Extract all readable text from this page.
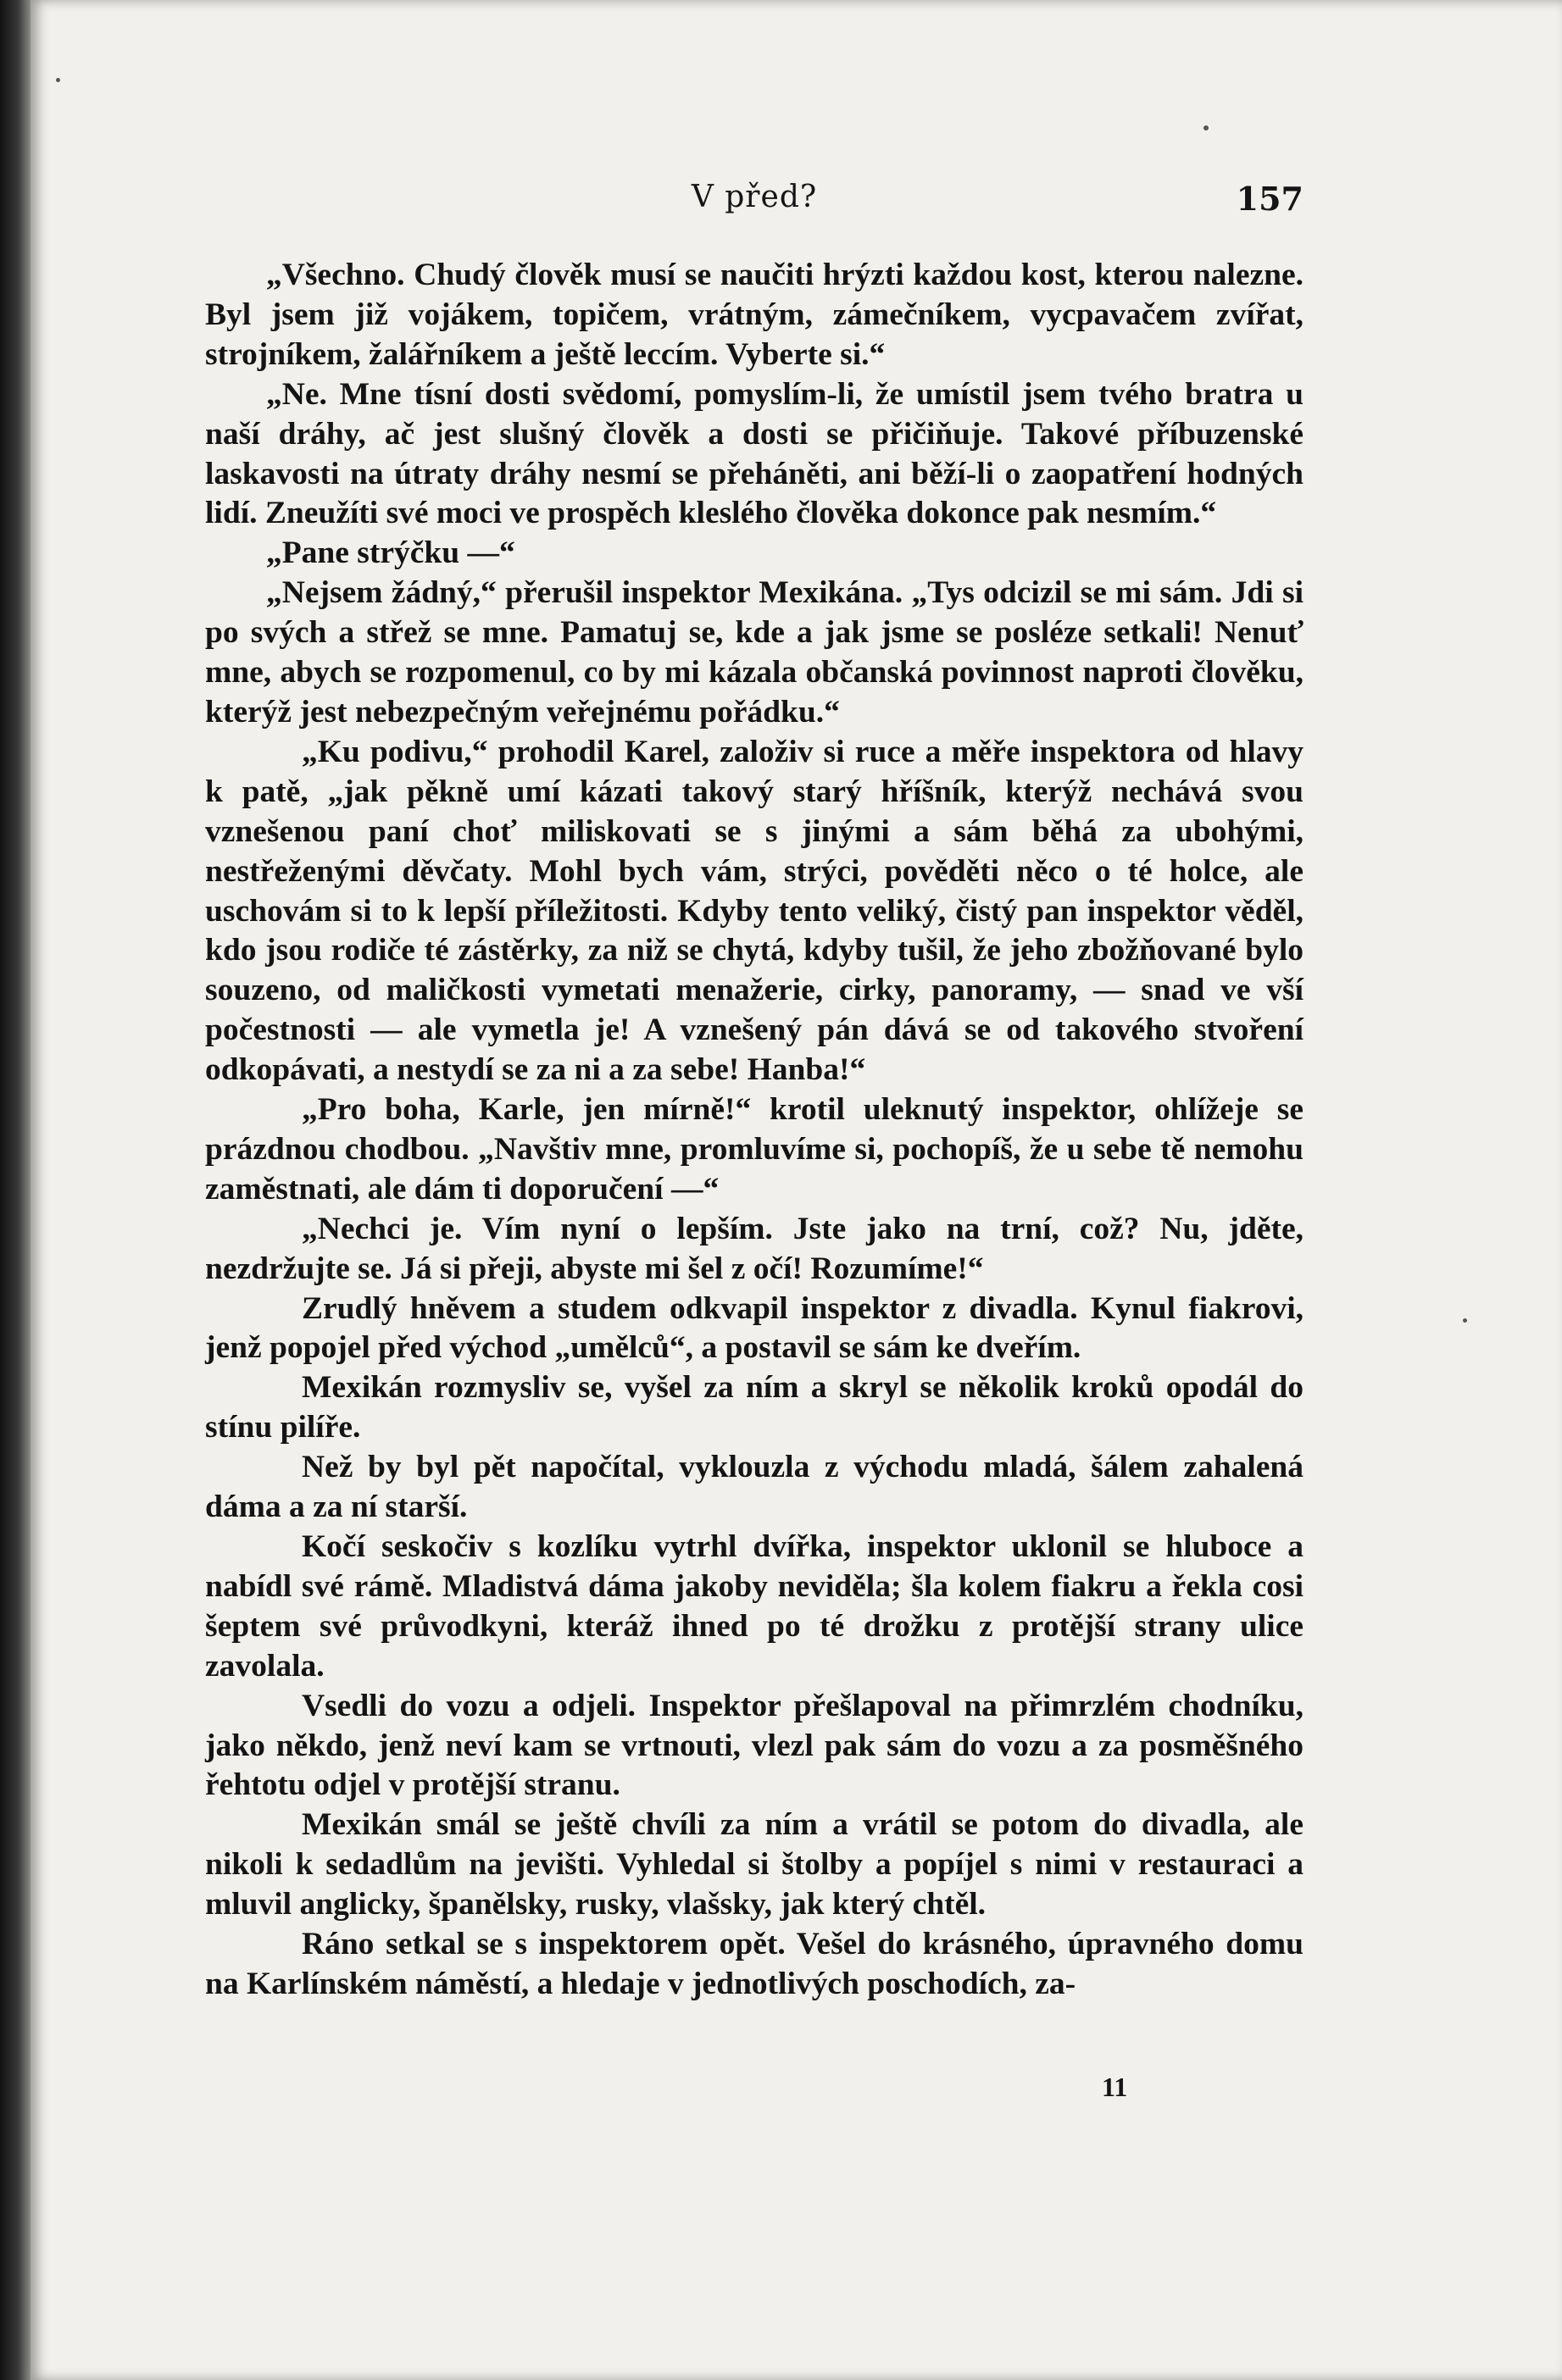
V před?	157

„Všechno. Chudý člověk musí se naučiti hrýzti každou kost, kterou nalezne. Byl jsem již vojákem, topičem, vrátným, zámečníkem, vycpavačem zvířat, strojníkem, žalářníkem a ještě leccím. Vyberte si.“

„Ne. Mne tísní dosti svědomí, pomyslím-li, že umístil jsem tvého bratra u naší dráhy, ač jest slušný člověk a dosti se přičiňuje. Takové příbuzenské laskavosti na útraty dráhy nesmí se přeháněti, ani běží-li o zaopatření hodných lidí. Zneužíti své moci ve prospěch kleslého člověka dokonce pak nesmím.“

„Pane strýčku —“

„Nejsem žádný,“ přerušil inspektor Mexikána. „Tys odcizil se mi sám. Jdi si po svých a střež se mne. Pamatuj se, kde a jak jsme se posléze setkali! Nenuť mne, abych se rozpomenul, co by mi kázala občanská povinnost naproti člověku, kterýž jest nebezpečným veřejnému pořádku.“

„Ku podivu,“ prohodil Karel, založiv si ruce a měře inspektora od hlavy k patě, „jak pěkně umí kázati takový starý hříšník, kterýž nechává svou vznešenou paní choť miliskovati se s jinými a sám běhá za ubohými, nestřeženými děvčaty. Mohl bych vám, strýci, pověděti něco o té holce, ale uschovám si to k lepší příležitosti. Kdyby tento veliký, čistý pan inspektor věděl, kdo jsou rodiče té zástěrky, za niž se chytá, kdyby tušil, že jeho zbožňované bylo souzeno, od maličkosti vymetati menažerie, cirky, panoramy, — snad ve vší počestnosti — ale vymetla je! A vznešený pán dává se od takového stvoření odkopávati, a nestydí se za ni a za sebe! Hanba!“

„Pro boha, Karle, jen mírně!“ krotil uleknutý inspektor, ohlížeje se prázdnou chodbou. „Navštiv mne, promluvíme si, pochopíš, že u sebe tě nemohu zaměstnati, ale dám ti doporučení —“

„Nechci je. Vím nyní o lepším. Jste jako na trní, což? Nu, jděte, nezdržujte se. Já si přeji, abyste mi šel z očí! Rozumíme!“

Zrudlý hněvem a studem odkvapil inspektor z divadla. Kynul fiakrovi, jenž popojel před východ „umělců“, a postavil se sám ke dveřím.

Mexikán rozmysliv se, vyšel za ním a skryl se několik kroků opodál do stínu pilíře.

Než by byl pět napočítal, vyklouzla z východu mladá, šálem zahalená dáma a za ní starší.

Kočí seskočiv s kozlíku vytrhl dvířka, inspektor uklonil se hluboce a nabídl své rámě. Mladistvá dáma jakoby neviděla; šla kolem fiakru a řekla cosi šeptem své průvodkyni, kteráž ihned po té drožku z protější strany ulice zavolala.

Vsedli do vozu a odjeli. Inspektor přešlapoval na přimrzlém chodníku, jako někdo, jenž neví kam se vrtnouti, vlezl pak sám do vozu a za posměšného řehtotu odjel v protější stranu.

Mexikán smál se ještě chvíli za ním a vrátil se potom do divadla, ale nikoli k sedadlům na jevišti. Vyhledal si štolby a popíjel s nimi v restauraci a mluvil anglicky, španělsky, rusky, vlašsky, jak který chtěl.

Ráno setkal se s inspektorem opět. Vešel do krásného, úpravného domu na Karlínském náměstí, a hledaje v jednotlivých poschodích, za-

11
